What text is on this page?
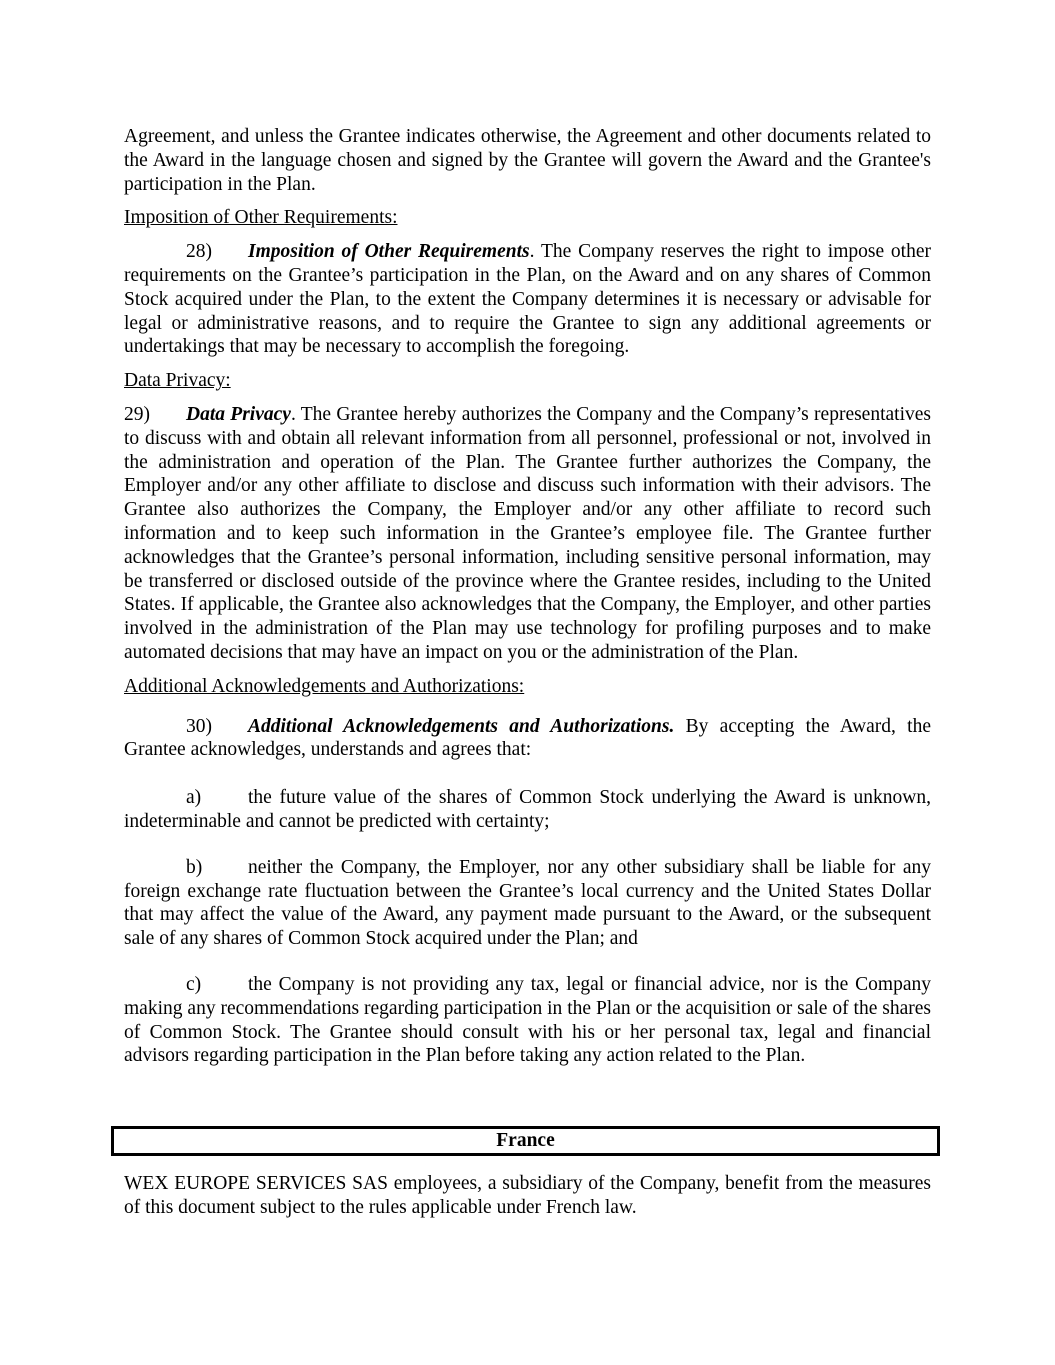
Agreement, and unless the Grantee indicates otherwise, the Agreement and other documents related to the Award in the language chosen and signed by the Grantee will govern the Award and the Grantee's participation in the Plan.

Imposition of Other Requirements:

28) Imposition of Other Requirements. The Company reserves the right to impose other requirements on the Grantee’s participation in the Plan, on the Award and on any shares of Common Stock acquired under the Plan, to the extent the Company determines it is necessary or advisable for legal or administrative reasons, and to require the Grantee to sign any additional agreements or undertakings that may be necessary to accomplish the foregoing.

Data Privacy:

29) Data Privacy. The Grantee hereby authorizes the Company and the Company’s representatives to discuss with and obtain all relevant information from all personnel, professional or not, involved in the administration and operation of the Plan. The Grantee further authorizes the Company, the Employer and/or any other affiliate to disclose and discuss such information with their advisors. The Grantee also authorizes the Company, the Employer and/or any other affiliate to record such information and to keep such information in the Grantee’s employee file. The Grantee further acknowledges that the Grantee’s personal information, including sensitive personal information, may be transferred or disclosed outside of the province where the Grantee resides, including to the United States. If applicable, the Grantee also acknowledges that the Company, the Employer, and other parties involved in the administration of the Plan may use technology for profiling purposes and to make automated decisions that may have an impact on you or the administration of the Plan.

Additional Acknowledgements and Authorizations:

30) Additional Acknowledgements and Authorizations. By accepting the Award, the Grantee acknowledges, understands and agrees that:

a) the future value of the shares of Common Stock underlying the Award is unknown, indeterminable and cannot be predicted with certainty;

b) neither the Company, the Employer, nor any other subsidiary shall be liable for any foreign exchange rate fluctuation between the Grantee’s local currency and the United States Dollar that may affect the value of the Award, any payment made pursuant to the Award, or the subsequent sale of any shares of Common Stock acquired under the Plan; and

c) the Company is not providing any tax, legal or financial advice, nor is the Company making any recommendations regarding participation in the Plan or the acquisition or sale of the shares of Common Stock. The Grantee should consult with his or her personal tax, legal and financial advisors regarding participation in the Plan before taking any action related to the Plan.

France

WEX EUROPE SERVICES SAS employees, a subsidiary of the Company, benefit from the measures of this document subject to the rules applicable under French law.
